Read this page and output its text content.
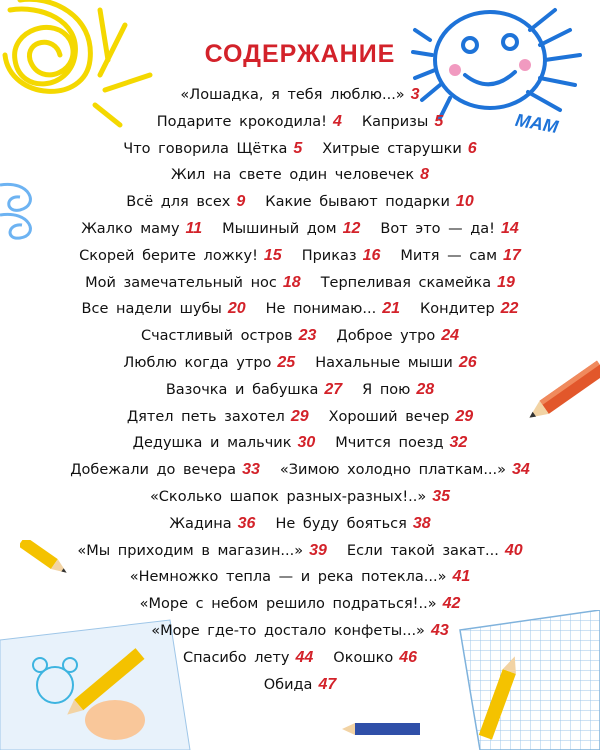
МАМ
СОДЕРЖАНИЕ
«Лошадка, я тебя люблю...» 3
Подарите крокодила! 4 Капризы 5
Что говорила Щётка 5 Хитрые старушки 6
Жил на свете один человечек 8
Всё для всех 9 Какие бывают подарки 10
Жалко маму 11 Мышиный дом 12 Вот это — да! 14
Скорей берите ложку! 15 Приказ 16 Митя — сам 17
Мой замечательный нос 18 Терпеливая скамейка 19
Все надели шубы 20 Не понимаю... 21 Кондитер 22
Счастливый остров 23 Доброе утро 24
Люблю когда утро 25 Нахальные мыши 26
Вазочка и бабушка 27 Я пою 28
Дятел петь захотел 29 Хороший вечер 29
Дедушка и мальчик 30 Мчится поезд 32
Добежали до вечера 33 «Зимою холодно платкам...» 34
«Сколько шапок разных-разных!..» 35
Жадина 36 Не буду бояться 38
«Мы приходим в магазин...» 39 Если такой закат... 40
«Немножко тепла — и река потекла...» 41
«Море с небом решило подраться!..» 42
«Море где-то достало конфеты...» 43
Спасибо лету 44 Окошко 46
Обида 47
